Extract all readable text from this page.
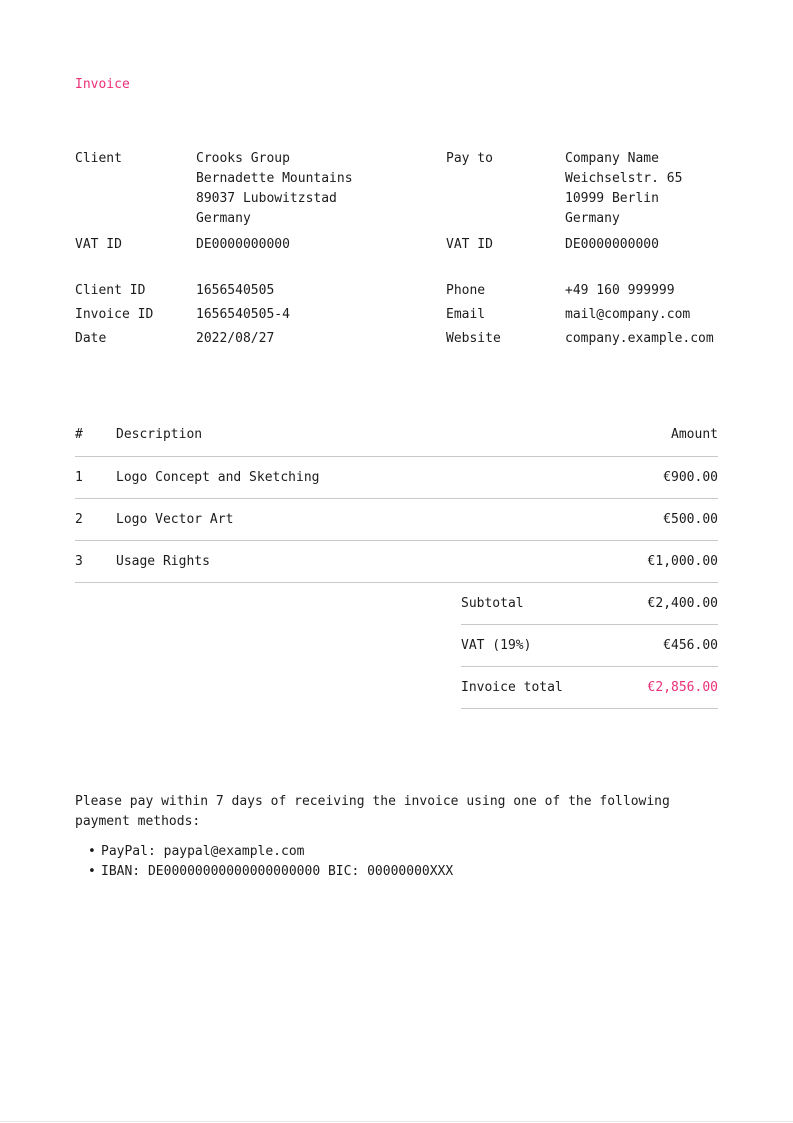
Invoice
Client	Crooks Group
Bernadette Mountains
89037 Lubowitzstad
Germany
Pay to	Company Name
Weichselstr. 65
10999 Berlin
Germany
VAT ID	DE0000000000	VAT ID	DE0000000000
Client ID	1656540505	Phone	+49 160 999999
Invoice ID	1656540505-4	Email	mail@company.com
Date	2022/08/27	Website	company.example.com
#	Description	Amount
1	Logo Concept and Sketching	€900.00
2	Logo Vector Art	€500.00
3	Usage Rights	€1,000.00
Subtotal	€2,400.00
VAT (19%)	€456.00
Invoice total	€2,856.00
Please pay within 7 days of receiving the invoice using one of the following payment methods:
• PayPal: paypal@example.com
• IBAN: DE00000000000000000000 BIC: 00000000XXX
